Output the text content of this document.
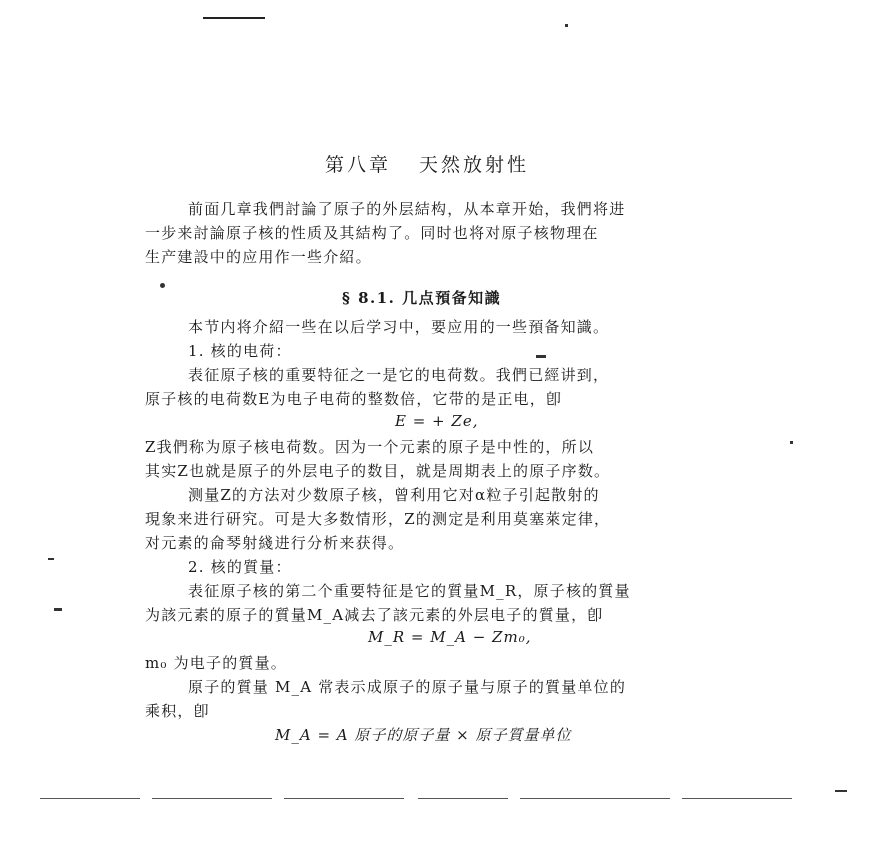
第八章 天然放射性
前面几章我們討論了原子的外层結构，从本章开始，我們将进
一步来討論原子核的性质及其結构了。同时也将对原子核物理在
生产建設中的应用作一些介紹。
§ 8.1. 几点預备知識
本节内将介紹一些在以后学习中，要应用的一些預备知識。
1. 核的电荷：
表征原子核的重要特征之一是它的电荷数。我們已經讲到，
原子核的电荷数E为电子电荷的整数倍，它带的是正电，卽
E = + Ze,
Z我們称为原子核电荷数。因为一个元素的原子是中性的，所以
其实Z也就是原子的外层电子的数目，就是周期表上的原子序数。
测量Z的方法对少数原子核，曾利用它对α粒子引起散射的
現象来进行研究。可是大多数情形，Z的测定是利用莫塞萊定律，
对元素的侖琴射綫进行分析来获得。
2. 核的質量：
表征原子核的第二个重要特征是它的質量M_R，原子核的質量
为該元素的原子的質量M_A减去了該元素的外层电子的質量，卽
M_R = M_A − Zm₀,
m₀ 为电子的質量。
原子的質量 M_A 常表示成原子的原子量与原子的質量单位的
乘积，卽
M_A = A 原子的原子量 × 原子質量单位
